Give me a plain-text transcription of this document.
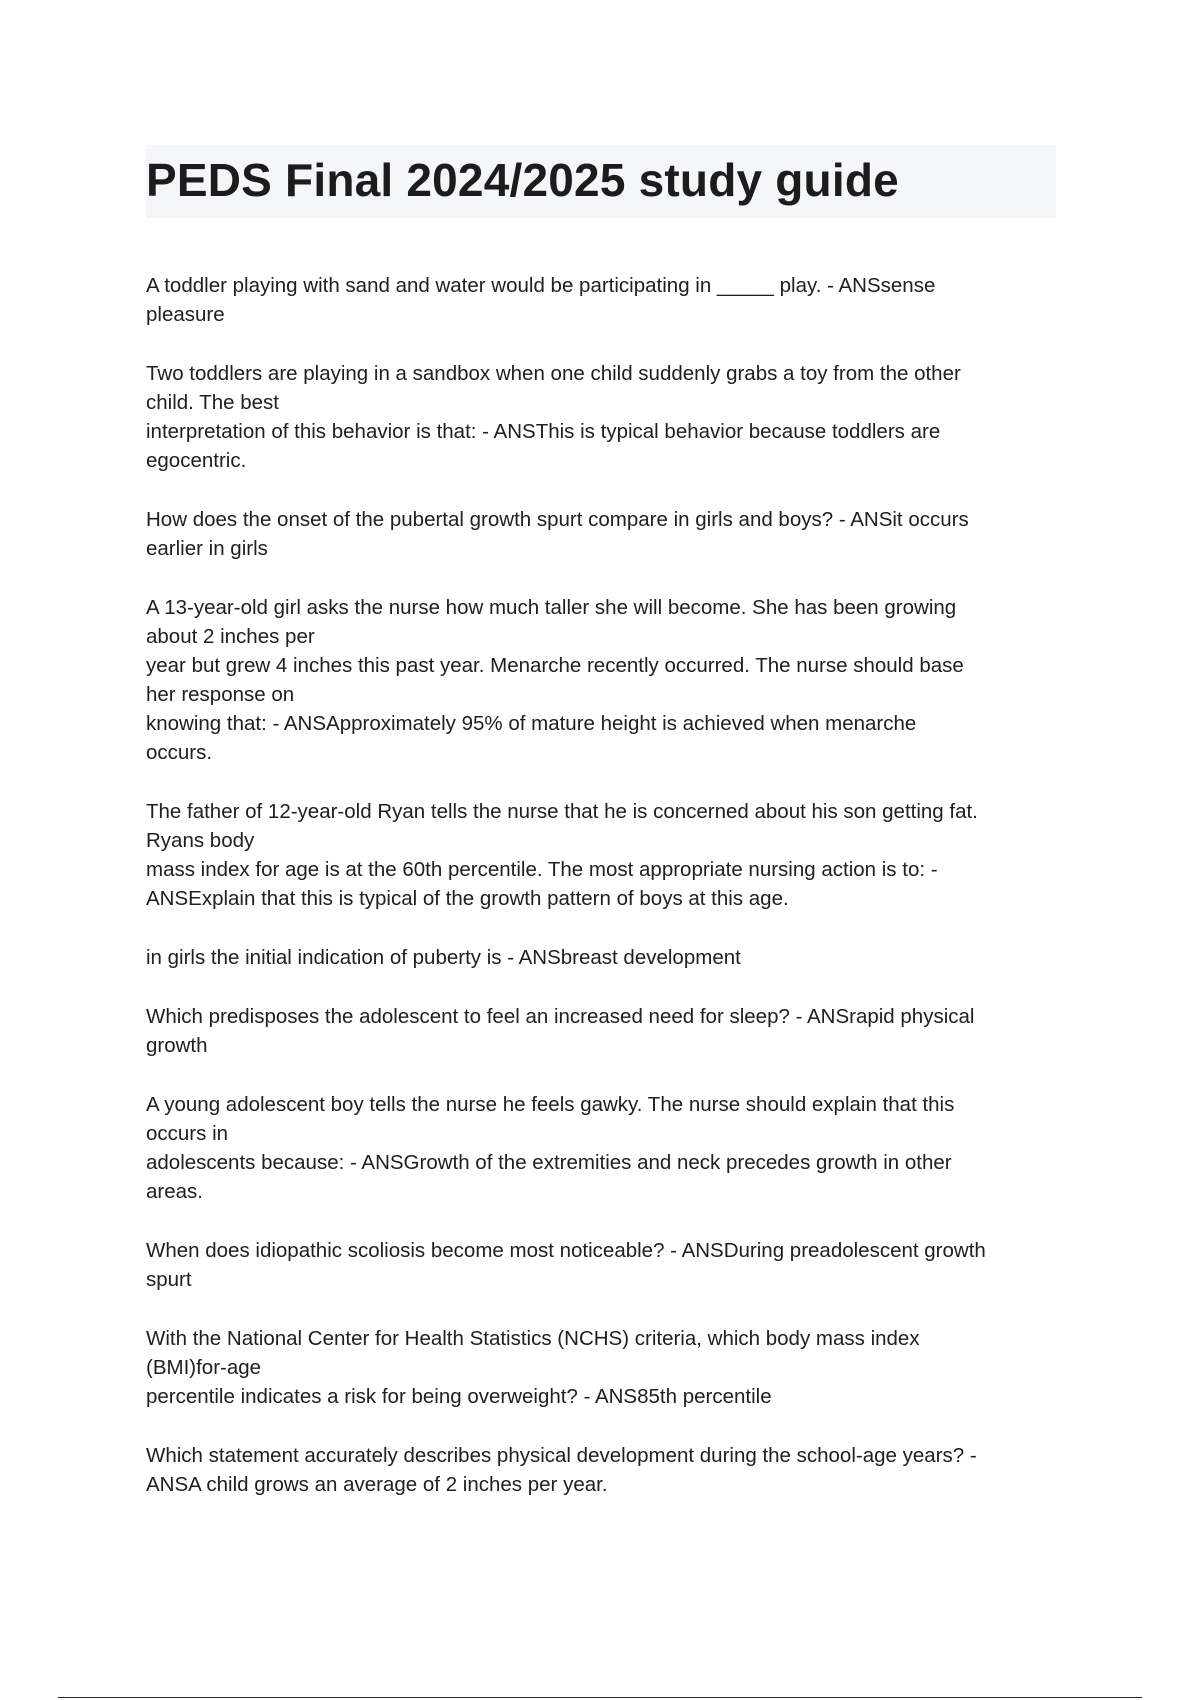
PEDS Final 2024/2025 study guide

A toddler playing with sand and water would be participating in _____ play. - ANSsense
pleasure

Two toddlers are playing in a sandbox when one child suddenly grabs a toy from the other
child. The best
interpretation of this behavior is that: - ANSThis is typical behavior because toddlers are
egocentric.

How does the onset of the pubertal growth spurt compare in girls and boys? - ANSit occurs
earlier in girls

A 13-year-old girl asks the nurse how much taller she will become. She has been growing
about 2 inches per
year but grew 4 inches this past year. Menarche recently occurred. The nurse should base
her response on
knowing that: - ANSApproximately 95% of mature height is achieved when menarche
occurs.

The father of 12-year-old Ryan tells the nurse that he is concerned about his son getting fat.
Ryans body
mass index for age is at the 60th percentile. The most appropriate nursing action is to: -
ANSExplain that this is typical of the growth pattern of boys at this age.

in girls the initial indication of puberty is - ANSbreast development

Which predisposes the adolescent to feel an increased need for sleep? - ANSrapid physical
growth

A young adolescent boy tells the nurse he feels gawky. The nurse should explain that this
occurs in
adolescents because: - ANSGrowth of the extremities and neck precedes growth in other
areas.

When does idiopathic scoliosis become most noticeable? - ANSDuring preadolescent growth
spurt

With the National Center for Health Statistics (NCHS) criteria, which body mass index
(BMI)for-age
percentile indicates a risk for being overweight? - ANS85th percentile

Which statement accurately describes physical development during the school-age years? -
ANSA child grows an average of 2 inches per year.
